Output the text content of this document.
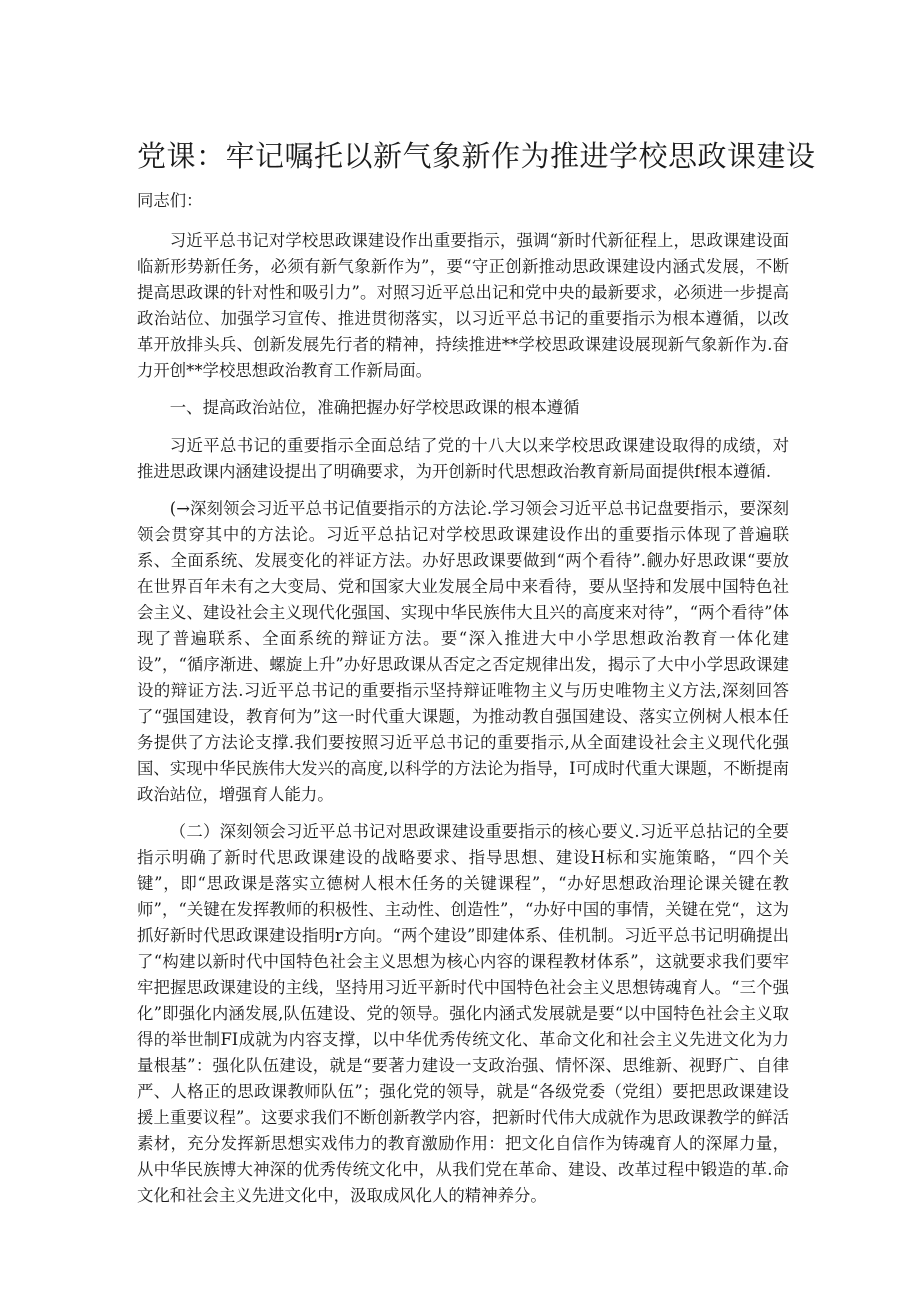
党课：牢记嘱托以新气象新作为推进学校思政课建设

同志们：

习近平总书记对学校思政课建设作出重要指示，强调“新时代新征程上，思政课建设面临新形势新任务，必须有新气象新作为”，要“守正创新推动思政课建设内涵式发展，不断提高思政课的针对性和吸引力”。对照习近平总出记和党中央的最新要求，必须进一步提高政治站位、加强学习宣传、推进贯彻落实，以习近平总书记的重要指示为根本遵循，以改革开放排头兵、创新发展先行者的精神，持续推进**学校思政课建设展现新气象新作为.奋力开创**学校思想政治教育工作新局面。

一、提高政治站位，准确把握办好学校思政课的根本遵循

习近平总书记的重要指示全面总结了党的十八大以来学校思政课建设取得的成绩，对推进思政课内涵建设提出了明确要求，为开创新时代思想政治教育新局面提供f根本遵循.

(→深刻领会习近平总书记值要指示的方法论.学习领会习近平总书记盘要指示，要深刻领会贯穿其中的方法论。习近平总拈记对学校思政课建设作出的重要指示体现了普遍联系、全面系统、发展变化的袢证方法。办好思政课要做到“两个看待”.觎办好思政课“要放在世界百年未有之大变局、党和国家大业发展全局中来看待，要从坚持和发展中国特色社会主义、建设社会主义现代化强国、实现中华民族伟大且兴的高度来对待”，“两个看待”体现了普遍联系、全面系统的辩证方法。要“深入推进大中小学思想政治教育一体化建设”，“循序渐进、螺旋上升”办好思政课从否定之否定规律出发，揭示了大中小学思政课建设的辩证方法.习近平总书记的重要指示坚持辩证唯物主义与历史唯物主义方法,深刻回答了“强国建设，教育何为”这一时代重大课题，为推动教自强国建设、落实立例树人根本任务提供了方法论支撑.我们要按照习近平总书记的重要指示,从全面建设社会主义现代化强国、实现中华民族伟大发兴的高度,以科学的方法论为指导，I可成时代重大课题，不断提南政治站位，增强育人能力。

（二）深刻领会习近平总书记对思政课建设重要指示的核心要义.习近平总拈记的全要指示明确了新时代思政课建设的战略要求、指导思想、建设H标和实施策略，“四个关键”，即“思政课是落实立德树人根木任务的关键课程”，“办好思想政治理论课关键在教师”，“关键在发挥教师的积极性、主动性、创造性”，“办好中国的事情，关键在党“，这为抓好新时代思政课建设指明r方向。“两个建设”即建体系、佳机制。习近平总书记明确提出了“构建以新时代中国特色社会主义思想为核心内容的课程教材体系”，这就要求我们要牢牢把握思政课建设的主线，坚持用习近平新时代中国特色社会主义思想铸魂育人。“三个强化”即强化内涵发展,队伍建设、党的领导。强化内涵式发展就是要“以中国特色社会主义取得的举世制FI成就为内容支撑，以中华优秀传统文化、革命文化和社会主义先进文化为力量根基”：强化队伍建设，就是“要著力建设一支政治强、情怀深、思维新、视野广、自律严、人格正的思政课教师队伍”；强化党的领导，就是“各级党委（党组）要把思政课建设援上重要议程”。这要求我们不断创新教学内容，把新时代伟大成就作为思政课教学的鲜活素材，充分发挥新思想实戏伟力的教育激励作用：把文化自信作为铸魂育人的深犀力量，从中华民族博大神深的优秀传统文化中，从我们党在革命、建设、改革过程中锻造的革.命文化和社会主义先进文化中，汲取成风化人的精神养分。
